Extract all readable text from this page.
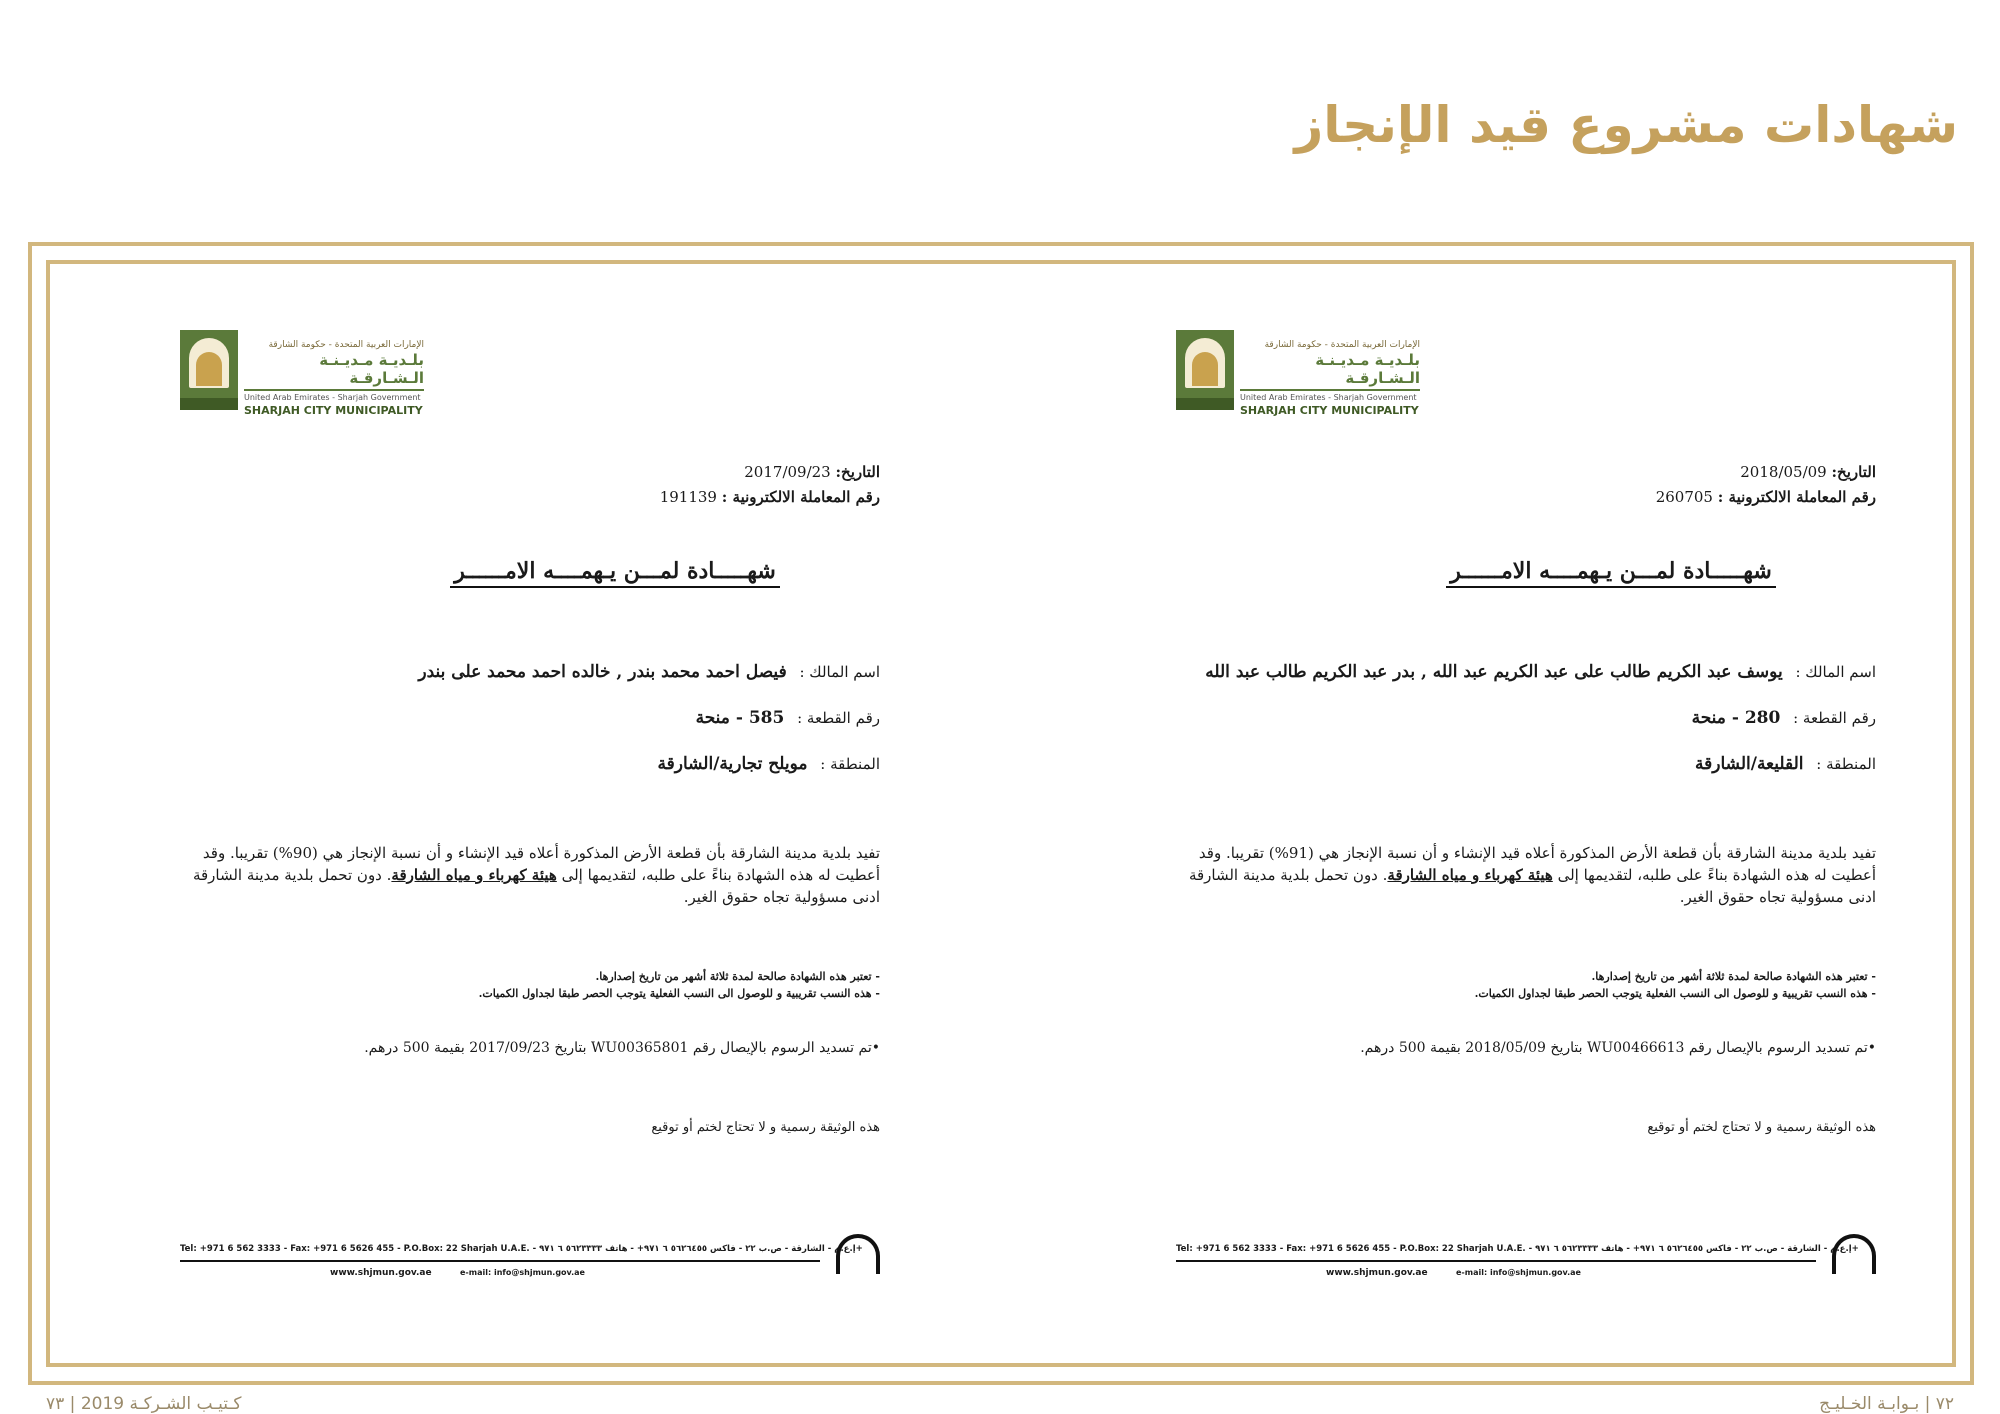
شهادات مشروع قيد الإنجاز
الإمارات العربية المتحدة - حكومة الشارقة
بلـديـة مـديـنـة الـشـارقـة
United Arab Emirates - Sharjah Government
SHARJAH CITY MUNICIPALITY
التاريخ: 2017/09/23
رقم المعاملة الالكترونية : 191139
شهـــــادة لمـــن يـهمــــه الامــــــر
اسم المالك : فيصل احمد محمد بندر , خالده احمد محمد على بندر
رقم القطعة : 585 - منحة
المنطقة : مويلح تجارية/الشارقة
تفيد بلدية مدينة الشارقة بأن قطعة الأرض المذكورة أعلاه قيد الإنشاء و أن نسبة الإنجاز هي (90%) تقريبا. وقد أعطيت له هذه الشهادة بناءً على طلبه، لتقديمها إلى هيئة كهرباء و مياه الشارقة. دون تحمل بلدية مدينة الشارقة ادنى مسؤولية تجاه حقوق الغير.
- تعتبر هذه الشهادة صالحة لمدة ثلاثة أشهر من تاريخ إصدارها.
- هذه النسب تقريبية و للوصول الى النسب الفعلية يتوجب الحصر طبقا لجداول الكميات.
•تم تسديد الرسوم بالإيصال رقم WU00365801 بتاريخ 2017/09/23 بقيمة 500 درهم.
هذه الوثيقة رسمية و لا تحتاج لختم أو توقيع
Tel: +971 6 562 3333 - Fax: +971 6 5626 455 - P.O.Box: 22 Sharjah U.A.E. - إ.ع.م - الشارقة - ص.ب ٢٢ - فاكس ٥٦٢٦٤٥٥ ٦ ٩٧١+ - هاتف ٥٦٢٣٣٣٣ ٦ ٩٧١+
www.shjmun.gov.ae	e-mail: info@shjmun.gov.ae
الإمارات العربية المتحدة - حكومة الشارقة
بلـديـة مـديـنـة الـشـارقـة
United Arab Emirates - Sharjah Government
SHARJAH CITY MUNICIPALITY
التاريخ: 2018/05/09
رقم المعاملة الالكترونية : 260705
شهـــــادة لمـــن يـهمــــه الامــــــر
اسم المالك : يوسف عبد الكريم طالب على عبد الكريم عبد الله , بدر عبد الكريم طالب عبد الله
رقم القطعة : 280 - منحة
المنطقة : القليعة/الشارقة
تفيد بلدية مدينة الشارقة بأن قطعة الأرض المذكورة أعلاه قيد الإنشاء و أن نسبة الإنجاز هي (91%) تقريبا. وقد أعطيت له هذه الشهادة بناءً على طلبه، لتقديمها إلى هيئة كهرباء و مياه الشارقة. دون تحمل بلدية مدينة الشارقة ادنى مسؤولية تجاه حقوق الغير.
- تعتبر هذه الشهادة صالحة لمدة ثلاثة أشهر من تاريخ إصدارها.
- هذه النسب تقريبية و للوصول الى النسب الفعلية يتوجب الحصر طبقا لجداول الكميات.
•تم تسديد الرسوم بالإيصال رقم WU00466613 بتاريخ 2018/05/09 بقيمة 500 درهم.
هذه الوثيقة رسمية و لا تحتاج لختم أو توقيع
Tel: +971 6 562 3333 - Fax: +971 6 5626 455 - P.O.Box: 22 Sharjah U.A.E. - إ.ع.م - الشارقة - ص.ب ٢٢ - فاكس ٥٦٢٦٤٥٥ ٦ ٩٧١+ - هاتف ٥٦٢٣٣٣٣ ٦ ٩٧١+
www.shjmun.gov.ae	e-mail: info@shjmun.gov.ae
كـتيـب الشـركـة 2019 | ٧٣	٧٢ | بـوابـة الخـليـج
